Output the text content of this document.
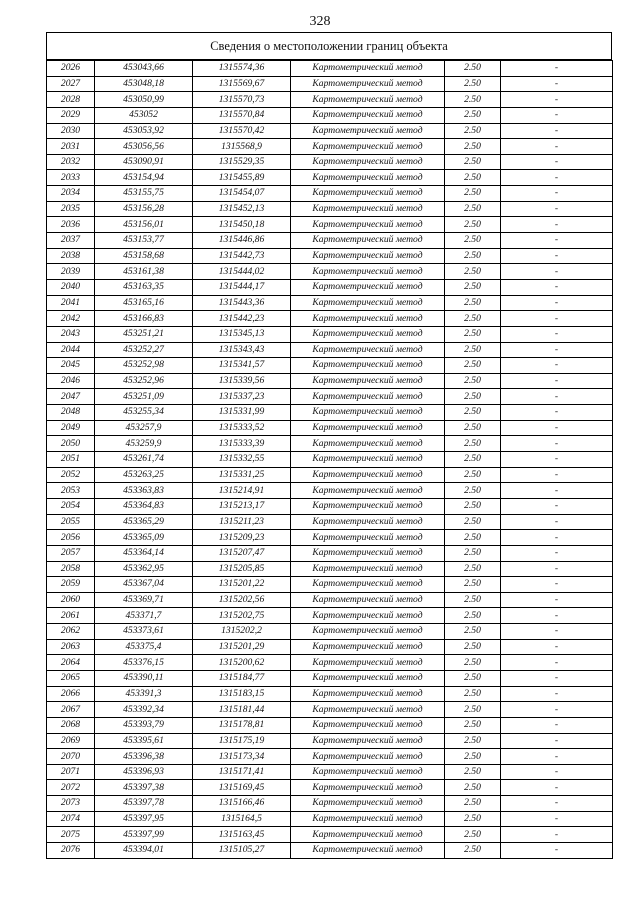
328
Сведения о местоположении границ объекта
2026	453043,66	1315574,36	Картометрический метод	2.50	-
2027	453048,18	1315569,67	Картометрический метод	2.50	-
2028	453050,99	1315570,73	Картометрический метод	2.50	-
2029	453052	1315570,84	Картометрический метод	2.50	-
2030	453053,92	1315570,42	Картометрический метод	2.50	-
2031	453056,56	1315568,9	Картометрический метод	2.50	-
2032	453090,91	1315529,35	Картометрический метод	2.50	-
2033	453154,94	1315455,89	Картометрический метод	2.50	-
2034	453155,75	1315454,07	Картометрический метод	2.50	-
2035	453156,28	1315452,13	Картометрический метод	2.50	-
2036	453156,01	1315450,18	Картометрический метод	2.50	-
2037	453153,77	1315446,86	Картометрический метод	2.50	-
2038	453158,68	1315442,73	Картометрический метод	2.50	-
2039	453161,38	1315444,02	Картометрический метод	2.50	-
2040	453163,35	1315444,17	Картометрический метод	2.50	-
2041	453165,16	1315443,36	Картометрический метод	2.50	-
2042	453166,83	1315442,23	Картометрический метод	2.50	-
2043	453251,21	1315345,13	Картометрический метод	2.50	-
2044	453252,27	1315343,43	Картометрический метод	2.50	-
2045	453252,98	1315341,57	Картометрический метод	2.50	-
2046	453252,96	1315339,56	Картометрический метод	2.50	-
2047	453251,09	1315337,23	Картометрический метод	2.50	-
2048	453255,34	1315331,99	Картометрический метод	2.50	-
2049	453257,9	1315333,52	Картометрический метод	2.50	-
2050	453259,9	1315333,39	Картометрический метод	2.50	-
2051	453261,74	1315332,55	Картометрический метод	2.50	-
2052	453263,25	1315331,25	Картометрический метод	2.50	-
2053	453363,83	1315214,91	Картометрический метод	2.50	-
2054	453364,83	1315213,17	Картометрический метод	2.50	-
2055	453365,29	1315211,23	Картометрический метод	2.50	-
2056	453365,09	1315209,23	Картометрический метод	2.50	-
2057	453364,14	1315207,47	Картометрический метод	2.50	-
2058	453362,95	1315205,85	Картометрический метод	2.50	-
2059	453367,04	1315201,22	Картометрический метод	2.50	-
2060	453369,71	1315202,56	Картометрический метод	2.50	-
2061	453371,7	1315202,75	Картометрический метод	2.50	-
2062	453373,61	1315202,2	Картометрический метод	2.50	-
2063	453375,4	1315201,29	Картометрический метод	2.50	-
2064	453376,15	1315200,62	Картометрический метод	2.50	-
2065	453390,11	1315184,77	Картометрический метод	2.50	-
2066	453391,3	1315183,15	Картометрический метод	2.50	-
2067	453392,34	1315181,44	Картометрический метод	2.50	-
2068	453393,79	1315178,81	Картометрический метод	2.50	-
2069	453395,61	1315175,19	Картометрический метод	2.50	-
2070	453396,38	1315173,34	Картометрический метод	2.50	-
2071	453396,93	1315171,41	Картометрический метод	2.50	-
2072	453397,38	1315169,45	Картометрический метод	2.50	-
2073	453397,78	1315166,46	Картометрический метод	2.50	-
2074	453397,95	1315164,5	Картометрический метод	2.50	-
2075	453397,99	1315163,45	Картометрический метод	2.50	-
2076	453394,01	1315105,27	Картометрический метод	2.50	-
